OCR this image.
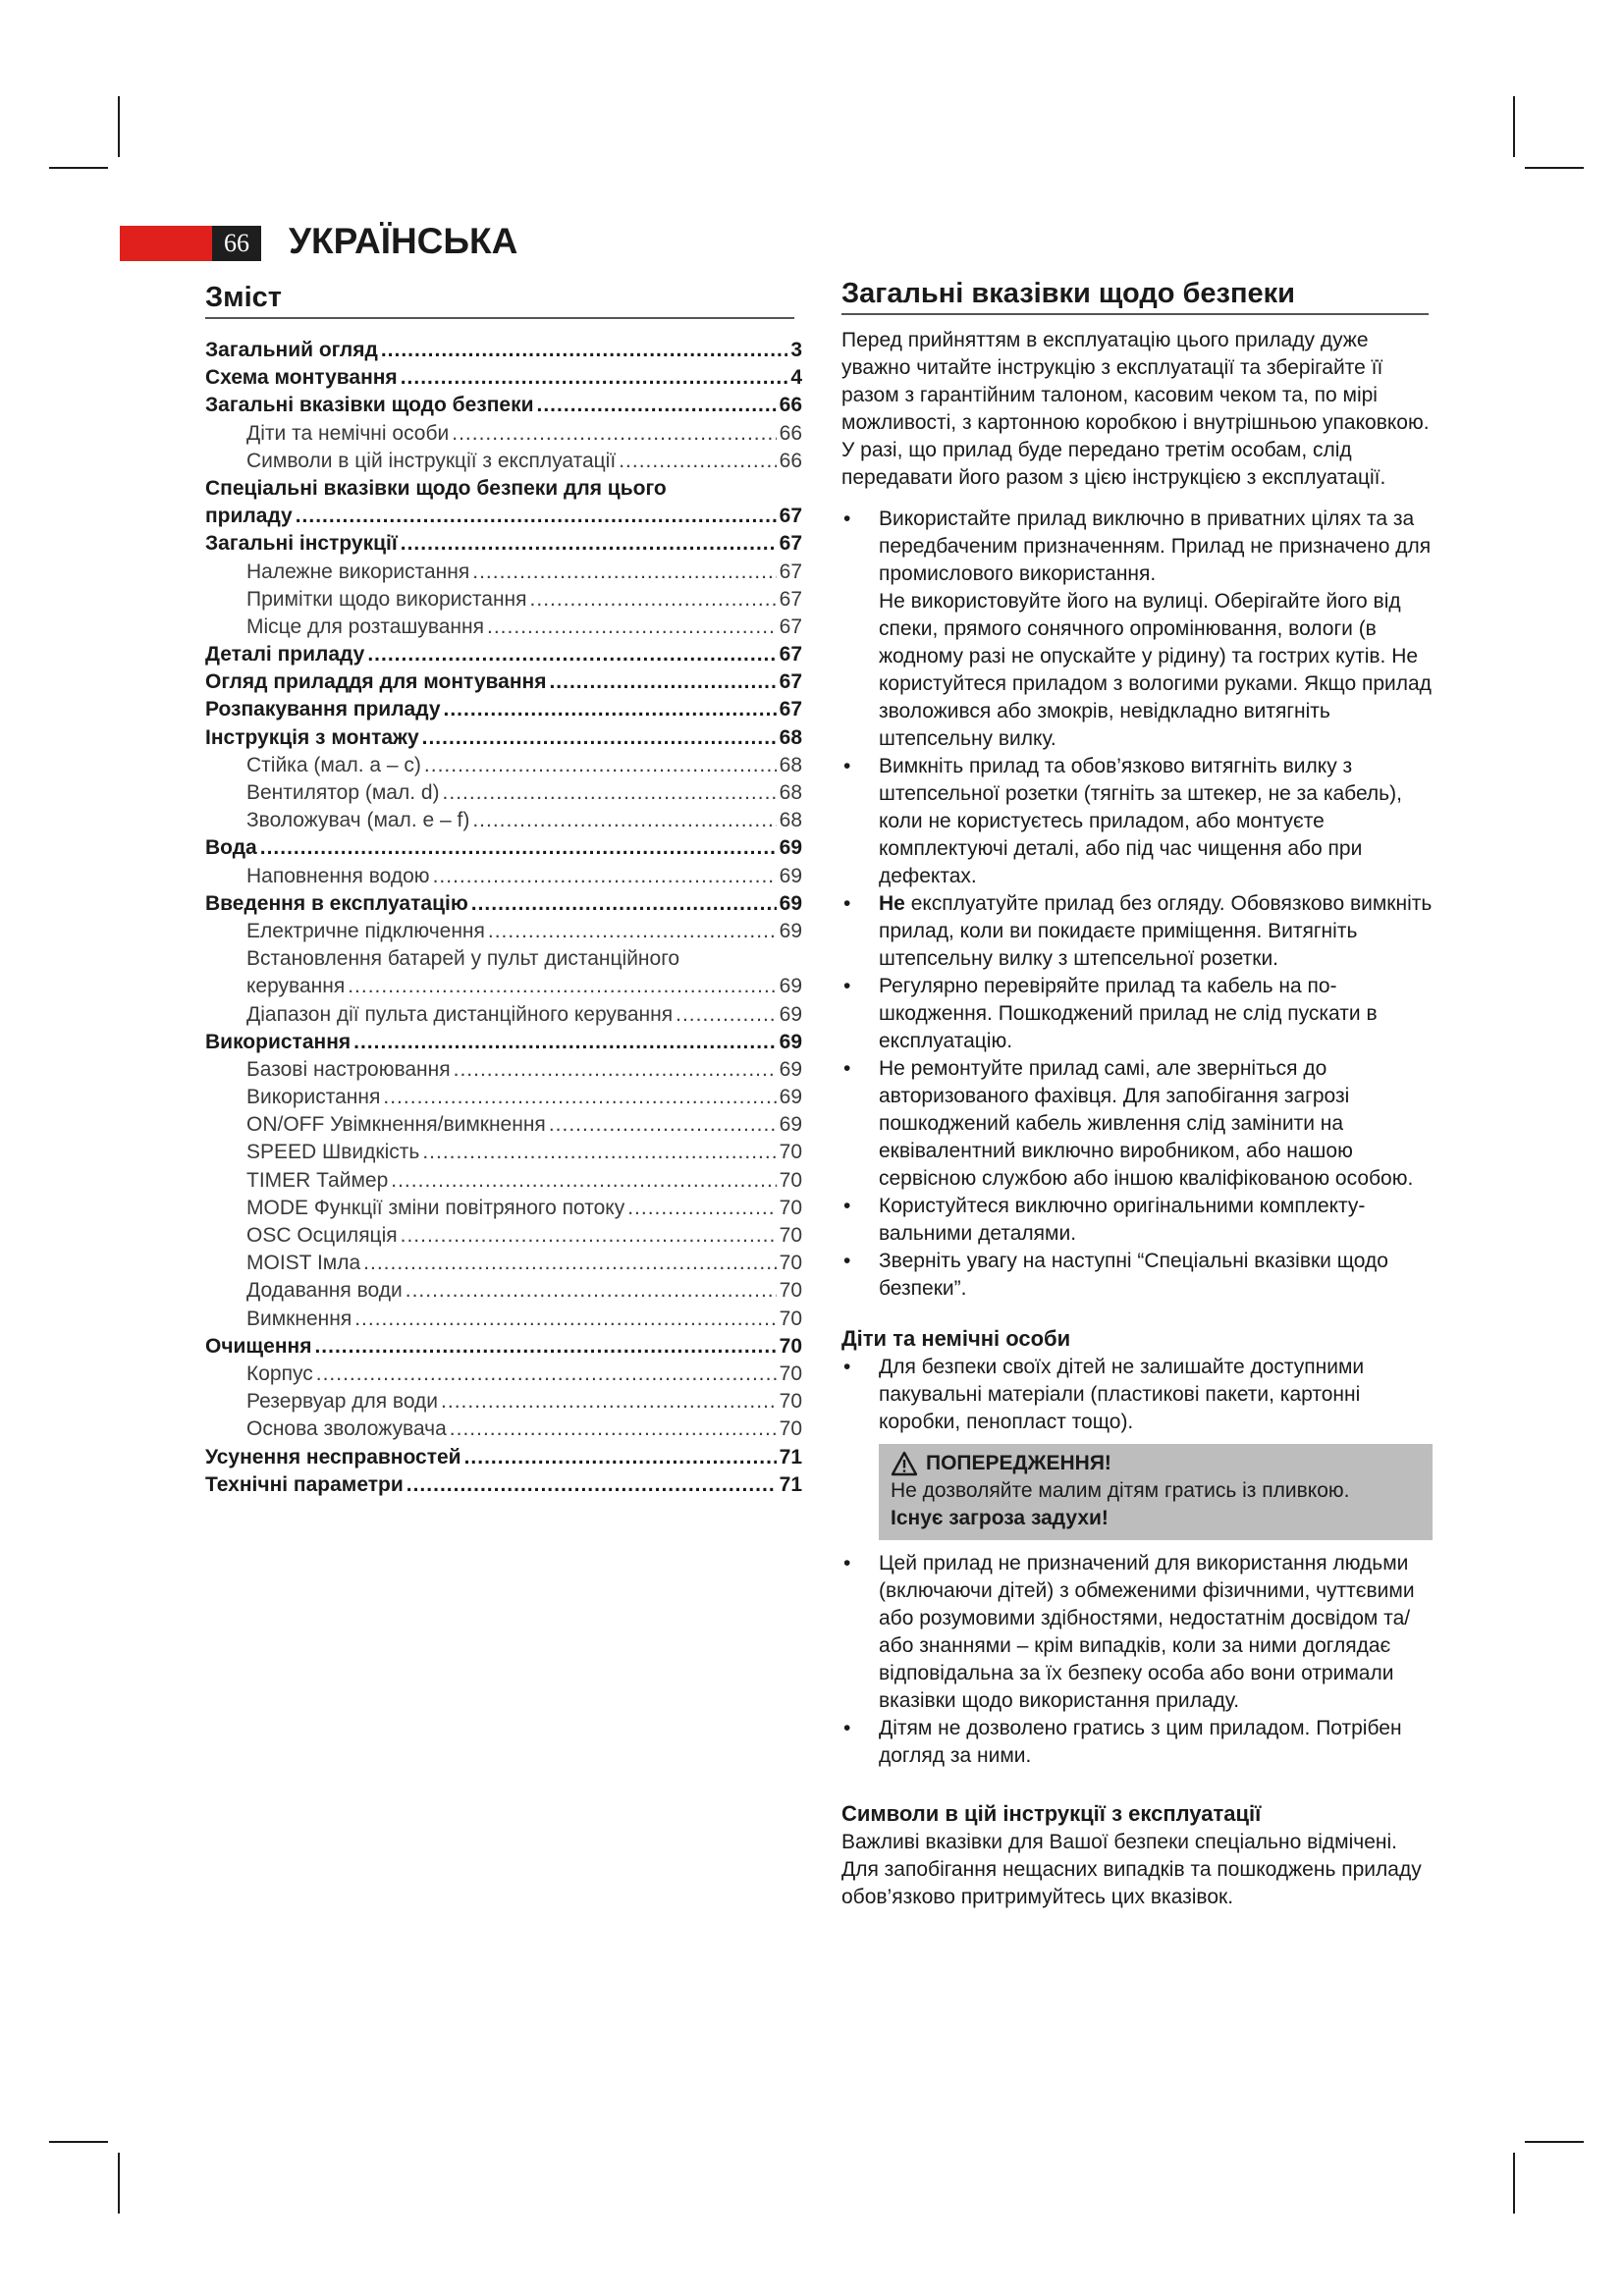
66	УКРАЇНСЬКА
Зміст
Загальний огляд .....	3
Схема монтування .....	4
Загальні вказівки щодо безпеки .....	66
Діти та немічні особи .....	66
Символи в цій інструкції з експлуатації .....	66
Спеціальні вказівки щодо безпеки для цього
приладу .....	67
Загальні інструкції .....	67
Належне використання .....	67
Примітки щодо використання .....	67
Місце для розташування .....	67
Деталі приладу .....	67
Огляд приладдя для монтування .....	67
Розпакування приладу .....	67
Інструкція з монтажу .....	68
Стійка (мал. a – c) .....	68
Вентилятор (мал. d) .....	68
Зволожувач (мал. e – f) .....	68
Вода .....	69
Наповнення водою .....	69
Введення в експлуатацію .....	69
Електричне підключення .....	69
Встановлення батарей у пульт дистанційного
керування .....	69
Діапазон дії пульта дистанційного керування .....	69
Використання .....	69
Базові настроювання .....	69
Використання .....	69
ON/OFF Увімкнення/вимкнення .....	69
SPEED Швидкість .....	70
TIMER Таймер .....	70
MODE Функції зміни повітряного потоку .....	70
OSC Осциляція .....	70
MOIST Імла .....	70
Додавання води .....	70
Вимкнення .....	70
Очищення .....	70
Корпус .....	70
Резервуар для води .....	70
Основа зволожувача .....	70
Усунення несправностей .....	71
Технічні параметри .....	71
Загальні вказівки щодо безпеки

Перед прийняттям в експлуатацію цього приладу дуже уважно читайте інструкцію з експлуатації та зберігайте її разом з гарантійним талоном, касовим чеком та, по мірі можливості, з картонною коробкою і внутрішньою упаковкою. У разі, що прилад буде передано третім особам, слід передавати його разом з цією інструкцією з експлуатації.

• Використайте прилад виключно в приватних цілях та за передбаченим призначенням. Прилад не призначено для промислового використання.
Не використовуйте його на вулиці. Оберігайте його від спеки, прямого сонячного опромінювання, вологи (в жодному разі не опускайте у рідину) та гострих кутів. Не користуйтеся приладом з вологими руками. Якщо прилад зволожився або змокрів, невідкладно витягніть штепсельну вилку.
• Вимкніть прилад та обов’язково витягніть вилку з штепсельної розетки (тягніть за штекер, не за кабель), коли не користуєтесь приладом, або монтуєте комплектуючі деталі, або під час чищення або при дефектах.
• Не експлуатуйте прилад без огляду. Обовязково вимкніть прилад, коли ви покидаєте приміщення. Витягніть штепсельну вилку з штепсельної розетки.
• Регулярно перевіряйте прилад та кабель на пошкодження. Пошкоджений прилад не слід пускати в експлуатацію.
• Не ремонтуйте прилад самі, але зверніться до авторизованого фахівця. Для запобігання загрозі пошкоджений кабель живлення слід замінити на еквівалентний виключно виробником, або нашою сервісною службою або іншою кваліфікованою особою.
• Користуйтеся виключно оригінальними комплектувальними деталями.
• Зверніть увагу на наступні “Спеціальні вказівки щодо безпеки”.
Діти та немічні особи
• Для безпеки своїх дітей не залишайте доступними пакувальні матеріали (пластикові пакети, картонні коробки, пенопласт тощо).
ПОПЕРЕДЖЕННЯ!
Не дозволяйте малим дітям гратись із пливкою.
Існує загроза задухи!
• Цей прилад не призначений для використання людьми (включаючи дітей) з обмеженими фізичними, чуттєвими або розумовими здібностями, недостатнім досвідом та/або знаннями – крім випадків, коли за ними доглядає відповідальна за їх безпеку особа або вони отримали вказівки щодо використання приладу.
• Дітям не дозволено гратись з цим приладом. Потрібен догляд за ними.
Символи в цій інструкції з експлуатації

Важливі вказівки для Вашої безпеки спеціально відмічені. Для запобігання нещасних випадків та пошкоджень приладу обов’язково притримуйтесь цих вказівок.
